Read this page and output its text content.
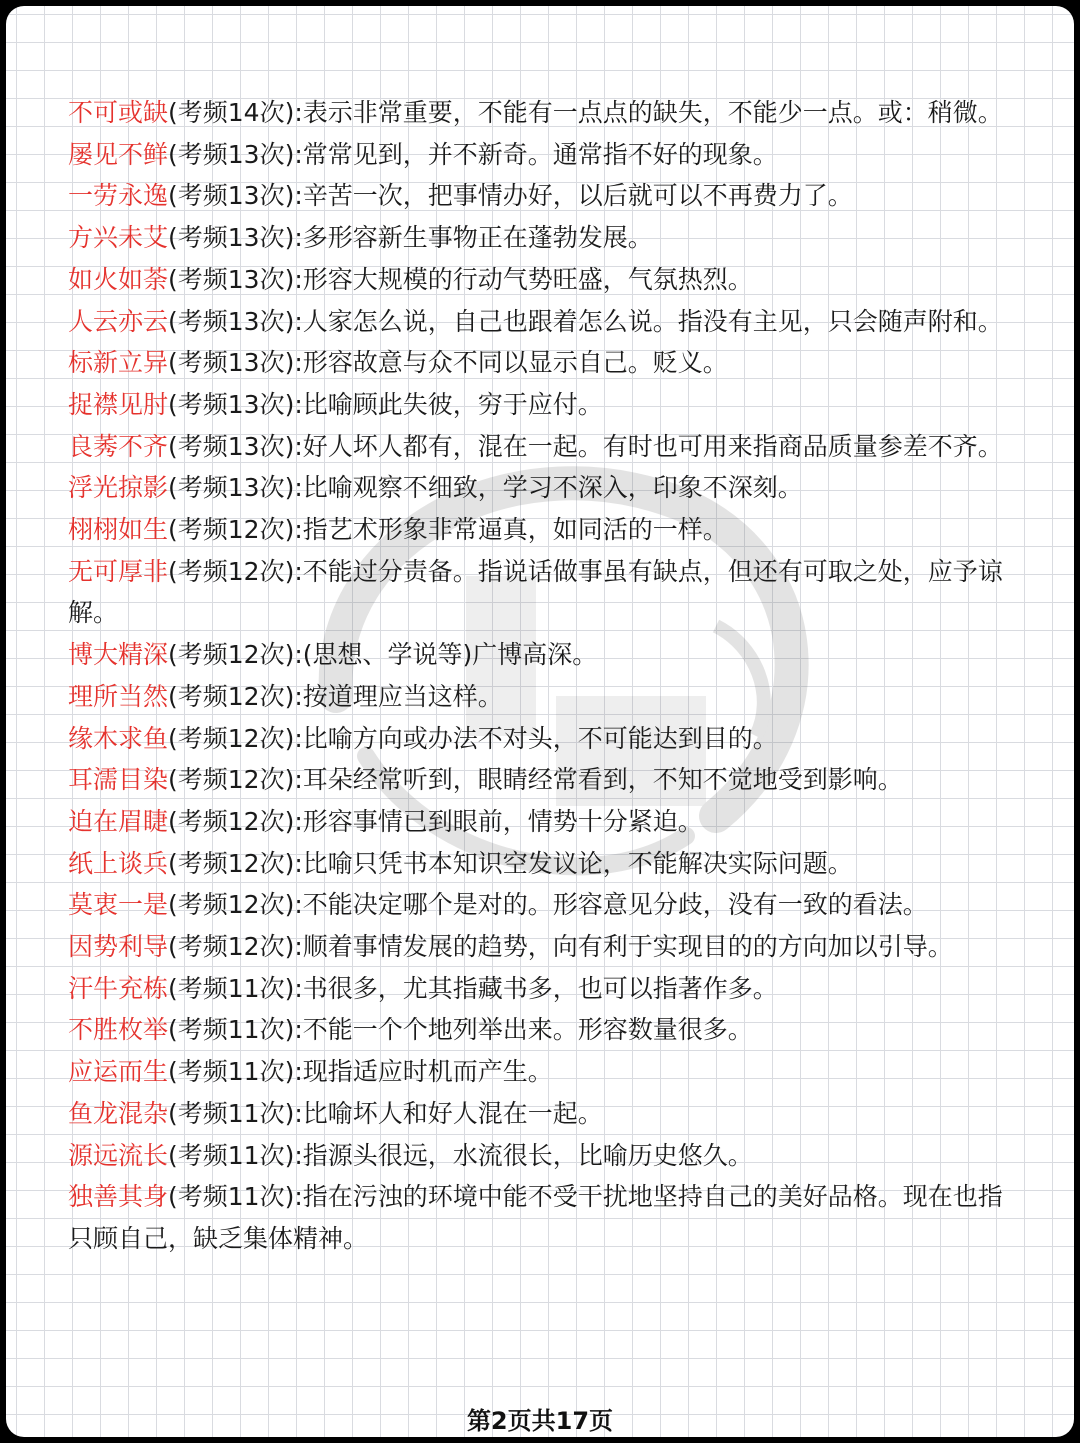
不可或缺(考频14次):表示非常重要，不能有一点点的缺失，不能少一点。或：稍微。

屡见不鲜(考频13次):常常见到，并不新奇。通常指不好的现象。

一劳永逸(考频13次):辛苦一次，把事情办好，以后就可以不再费力了。

方兴未艾(考频13次):多形容新生事物正在蓬勃发展。

如火如荼(考频13次):形容大规模的行动气势旺盛，气氛热烈。

人云亦云(考频13次):人家怎么说，自己也跟着怎么说。指没有主见，只会随声附和。

标新立异(考频13次):形容故意与众不同以显示自己。贬义。

捉襟见肘(考频13次):比喻顾此失彼，穷于应付。

良莠不齐(考频13次):好人坏人都有，混在一起。有时也可用来指商品质量参差不齐。

浮光掠影(考频13次):比喻观察不细致，学习不深入，印象不深刻。

栩栩如生(考频12次):指艺术形象非常逼真，如同活的一样。

无可厚非(考频12次):不能过分责备。指说话做事虽有缺点，但还有可取之处，应予谅解。

博大精深(考频12次):(思想、学说等)广博高深。

理所当然(考频12次):按道理应当这样。

缘木求鱼(考频12次):比喻方向或办法不对头，不可能达到目的。

耳濡目染(考频12次):耳朵经常听到，眼睛经常看到，不知不觉地受到影响。

迫在眉睫(考频12次):形容事情已到眼前，情势十分紧迫。

纸上谈兵(考频12次):比喻只凭书本知识空发议论，不能解决实际问题。

莫衷一是(考频12次):不能决定哪个是对的。形容意见分歧，没有一致的看法。

因势利导(考频12次):顺着事情发展的趋势，向有利于实现目的的方向加以引导。

汗牛充栋(考频11次):书很多，尤其指藏书多，也可以指著作多。

不胜枚举(考频11次):不能一个个地列举出来。形容数量很多。

应运而生(考频11次):现指适应时机而产生。

鱼龙混杂(考频11次):比喻坏人和好人混在一起。

源远流长(考频11次):指源头很远，水流很长，比喻历史悠久。

独善其身(考频11次):指在污浊的环境中能不受干扰地坚持自己的美好品格。现在也指只顾自己，缺乏集体精神。

第2页共17页
